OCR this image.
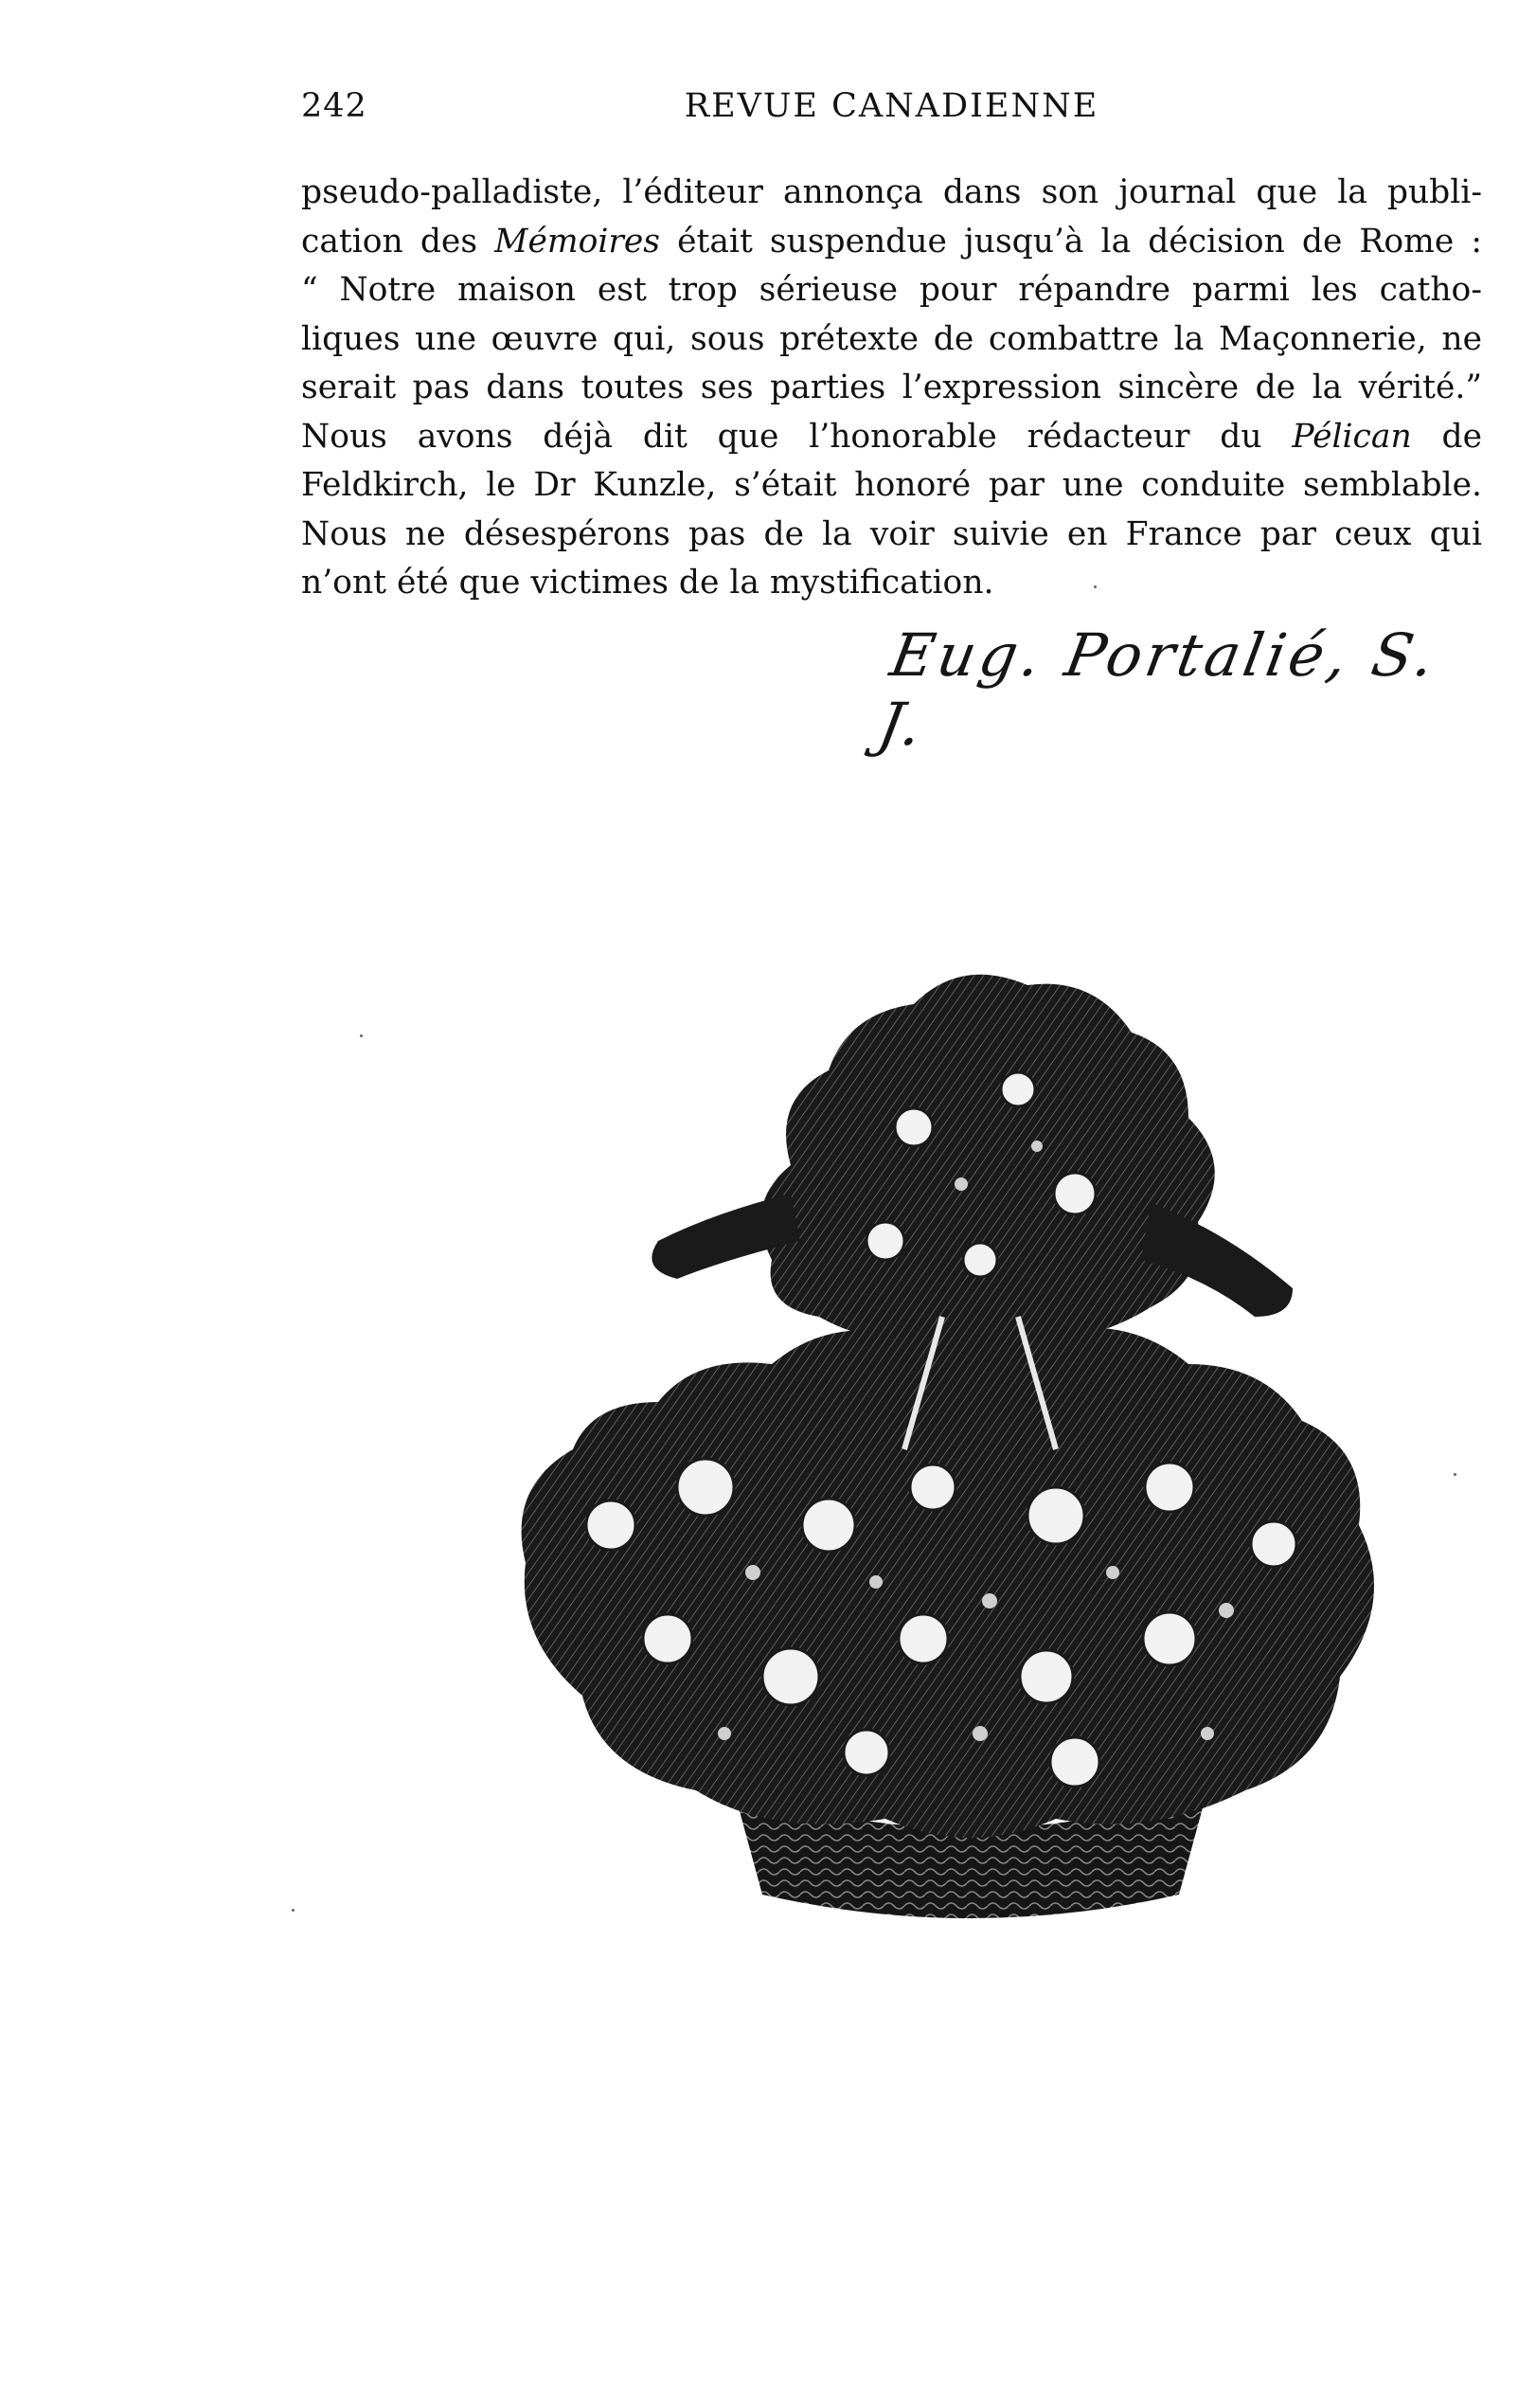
242	REVUE CANADIENNE
pseudo-palladiste, l’éditeur annonça dans son journal que la publi-
cation des Mémoires était suspendue jusqu’à la décision de Rome :
“ Notre maison est trop sérieuse pour répandre parmi les catho-
liques une œuvre qui, sous prétexte de combattre la Maçonnerie, ne
serait pas dans toutes ses parties l’expression sincère de la vérité.”
Nous avons déjà dit que l’honorable rédacteur du Pélican de
Feldkirch, le Dr Kunzle, s’était honoré par une conduite semblable.
Nous ne désespérons pas de la voir suivie en France par ceux qui
n’ont été que victimes de la mystification.
Eug. Portalié, S. J.
